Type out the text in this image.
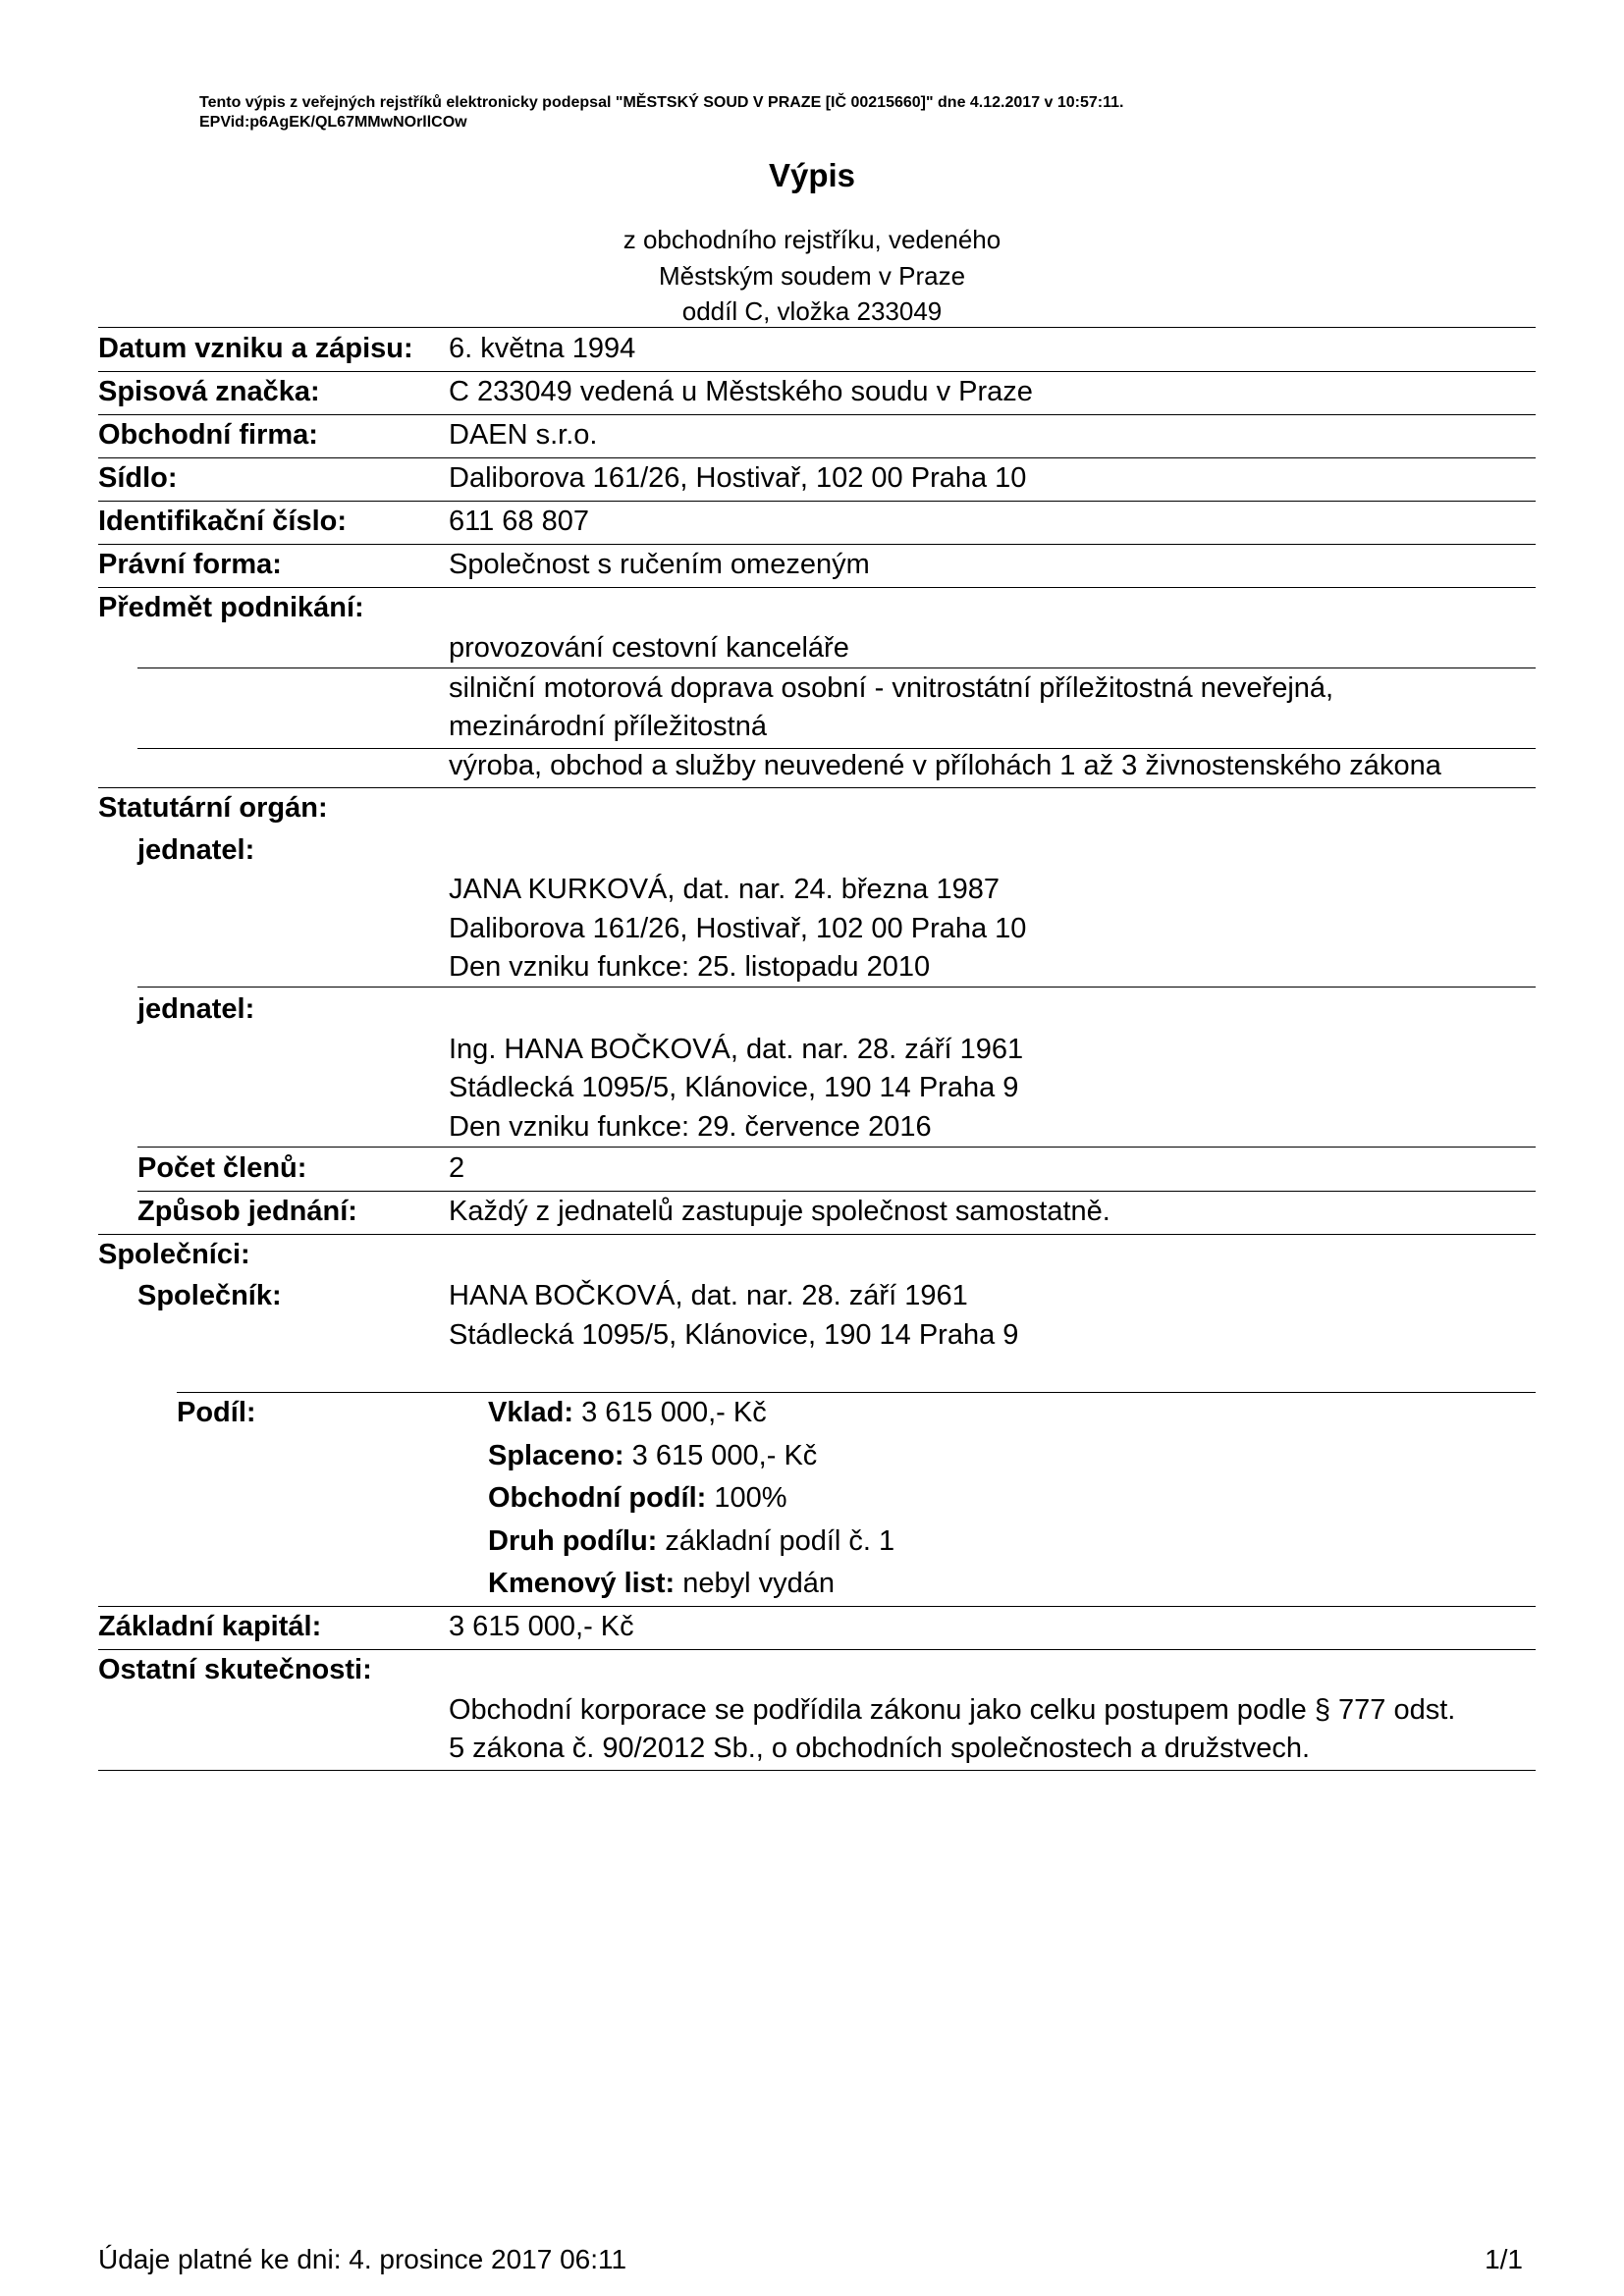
Tento výpis z veřejných rejstříků elektronicky podepsal "MĚSTSKÝ SOUD V PRAZE [IČ 00215660]" dne 4.12.2017 v 10:57:11.
EPVid:p6AgEK/QL67MMwNOrllCOw
Výpis
z obchodního rejstříku, vedeného
Městským soudem v Praze
oddíl C, vložka 233049
Datum vzniku a zápisu: 6. května 1994
Spisová značka:	C 233049 vedená u Městského soudu v Praze
Obchodní firma:	DAEN s.r.o.
Sídlo:	Daliborova 161/26, Hostivař, 102 00 Praha 10
Identifikační číslo:	611 68 807
Právní forma:	Společnost s ručením omezeným
Předmět podnikání:
provozování cestovní kanceláře
silniční motorová doprava osobní - vnitrostátní příležitostná neveřejná,
mezinárodní příležitostná
výroba, obchod a služby neuvedené v přílohách 1 až 3 živnostenského zákona
Statutární orgán:
jednatel:
JANA KURKOVÁ, dat. nar. 24. března 1987
Daliborova 161/26, Hostivař, 102 00 Praha 10
Den vzniku funkce: 25. listopadu 2010
jednatel:
Ing. HANA BOČKOVÁ, dat. nar. 28. září 1961
Stádlecká 1095/5, Klánovice, 190 14 Praha 9
Den vzniku funkce: 29. července 2016
Počet členů:	2
Způsob jednání:	Každý z jednatelů zastupuje společnost samostatně.
Společníci:
Společník:	HANA BOČKOVÁ, dat. nar. 28. září 1961
Stádlecká 1095/5, Klánovice, 190 14 Praha 9
Podíl:	Vklad: 3 615 000,- Kč
Splaceno: 3 615 000,- Kč
Obchodní podíl: 100%
Druh podílu: základní podíl č. 1
Kmenový list: nebyl vydán
Základní kapitál:	3 615 000,- Kč
Ostatní skutečnosti:
Obchodní korporace se podřídila zákonu jako celku postupem podle § 777 odst.
5 zákona č. 90/2012 Sb., o obchodních společnostech a družstvech.
Údaje platné ke dni: 4. prosince 2017 06:11	1/1
